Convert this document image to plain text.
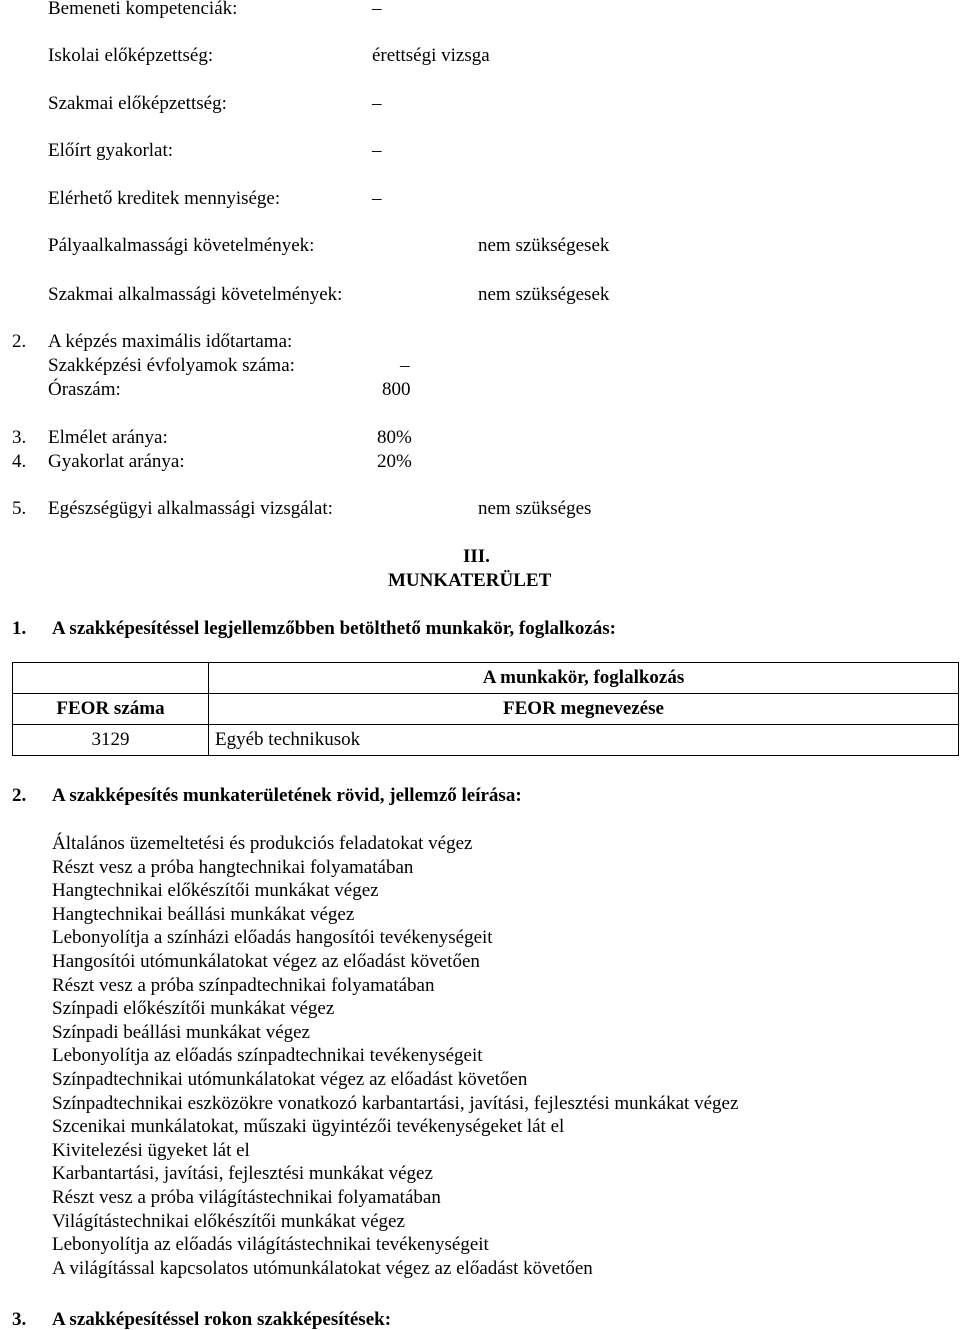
Bemeneti kompetenciák:	–
Iskolai előképzettség:	érettségi vizsga
Szakmai előképzettség:	–
Előírt gyakorlat:	–
Elérhető kreditek mennyisége:	–
Pályaalkalmassági követelmények:	nem szükségesek
Szakmai alkalmassági követelmények:	nem szükségesek
2. A képzés maximális időtartama:
Szakképzési évfolyamok száma:	–
Óraszám:	800
3. Elmélet aránya:	80%
4. Gyakorlat aránya:	20%
5. Egészségügyi alkalmassági vizsgálat:	nem szükséges
III.
MUNKATERÜLET
1. A szakképesítéssel legjellemzőbben betölthető munkakör, foglalkozás:
	A munkakör, foglalkozás
FEOR száma	FEOR megnevezése
3129	Egyéb technikusok
2. A szakképesítés munkaterületének rövid, jellemző leírása:
Általános üzemeltetési és produkciós feladatokat végez
Részt vesz a próba hangtechnikai folyamatában
Hangtechnikai előkészítői munkákat végez
Hangtechnikai beállási munkákat végez
Lebonyolítja a színházi előadás hangosítói tevékenységeit
Hangosítói utómunkálatokat végez az előadást követően
Részt vesz a próba színpadtechnikai folyamatában
Színpadi előkészítői munkákat végez
Színpadi beállási munkákat végez
Lebonyolítja az előadás színpadtechnikai tevékenységeit
Színpadtechnikai utómunkálatokat végez az előadást követően
Színpadtechnikai eszközökre vonatkozó karbantartási, javítási, fejlesztési munkákat végez
Szcenikai munkálatokat, műszaki ügyintézői tevékenységeket lát el
Kivitelezési ügyeket lát el
Karbantartási, javítási, fejlesztési munkákat végez
Részt vesz a próba világítástechnikai folyamatában
Világítástechnikai előkészítői munkákat végez
Lebonyolítja az előadás világítástechnikai tevékenységeit
A világítással kapcsolatos utómunkálatokat végez az előadást követően
3. A szakképesítéssel rokon szakképesítések:
